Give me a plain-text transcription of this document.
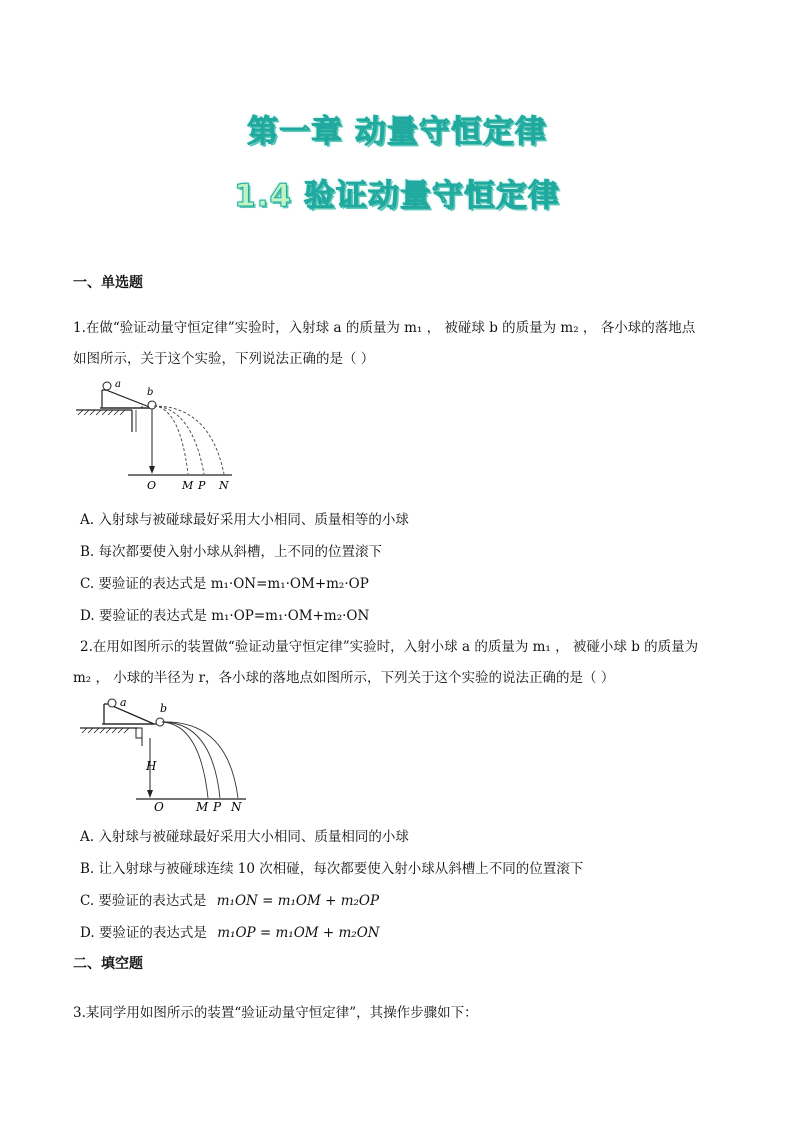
第一章 动量守恒定律
1.4 验证动量守恒定律
一、单选题
1.在做“验证动量守恒定律”实验时，入射球 a 的质量为 m₁ ， 被碰球 b 的质量为 m₂ ， 各小球的落地点
如图所示，关于这个实验，下列说法正确的是（ ）
a
b
O M P N
A. 入射球与被碰球最好采用大小相同、质量相等的小球
B. 每次都要使入射小球从斜槽，上不同的位置滚下
C. 要验证的表达式是 m₁·ON=m₁·OM+m₂·OP
D. 要验证的表达式是 m₁·OP=m₁·OM+m₂·ON
2.在用如图所示的装置做“验证动量守恒定律”实验时，入射小球 a 的质量为 m₁ ， 被碰小球 b 的质量为
m₂ ， 小球的半径为 r，各小球的落地点如图所示，下列关于这个实验的说法正确的是（ ）
a	b
H
O	M P N
A. 入射球与被碰球最好采用大小相同、质量相同的小球
B. 让入射球与被碰球连续 10 次相碰，每次都要使入射小球从斜槽上不同的位置滚下
C. 要验证的表达式是 m₁ON = m₁OM + m₂OP
D. 要验证的表达式是 m₁OP = m₁OM + m₂ON
二、填空题
3.某同学用如图所示的装置“验证动量守恒定律”，其操作步骤如下：
